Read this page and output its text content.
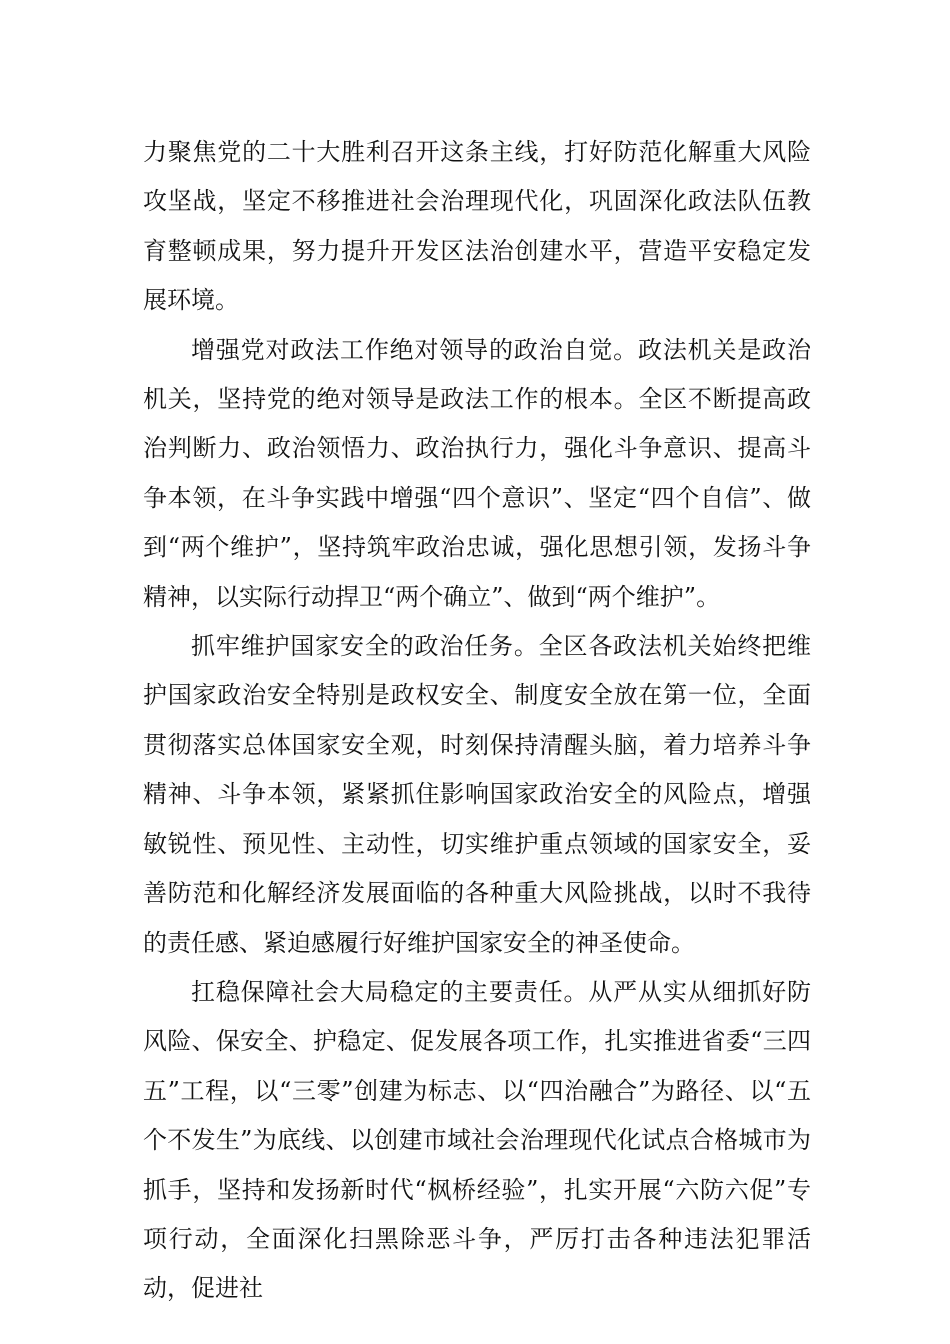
力聚焦党的二十大胜利召开这条主线，打好防范化解重大风险攻坚战，坚定不移推进社会治理现代化，巩固深化政法队伍教育整顿成果，努力提升开发区法治创建水平，营造平安稳定发展环境。

增强党对政法工作绝对领导的政治自觉。政法机关是政治机关，坚持党的绝对领导是政法工作的根本。全区不断提高政治判断力、政治领悟力、政治执行力，强化斗争意识、提高斗争本领，在斗争实践中增强“四个意识”、坚定“四个自信”、做到“两个维护”，坚持筑牢政治忠诚，强化思想引领，发扬斗争精神，以实际行动捍卫“两个确立”、做到“两个维护”。

抓牢维护国家安全的政治任务。全区各政法机关始终把维护国家政治安全特别是政权安全、制度安全放在第一位，全面贯彻落实总体国家安全观，时刻保持清醒头脑，着力培养斗争精神、斗争本领，紧紧抓住影响国家政治安全的风险点，增强敏锐性、预见性、主动性，切实维护重点领域的国家安全，妥善防范和化解经济发展面临的各种重大风险挑战，以时不我待的责任感、紧迫感履行好维护国家安全的神圣使命。

扛稳保障社会大局稳定的主要责任。从严从实从细抓好防风险、保安全、护稳定、促发展各项工作，扎实推进省委“三四五”工程，以“三零”创建为标志、以“四治融合”为路径、以“五个不发生”为底线、以创建市域社会治理现代化试点合格城市为抓手，坚持和发扬新时代“枫桥经验”，扎实开展“六防六促”专项行动，全面深化扫黑除恶斗争，严厉打击各种违法犯罪活动，促进社
